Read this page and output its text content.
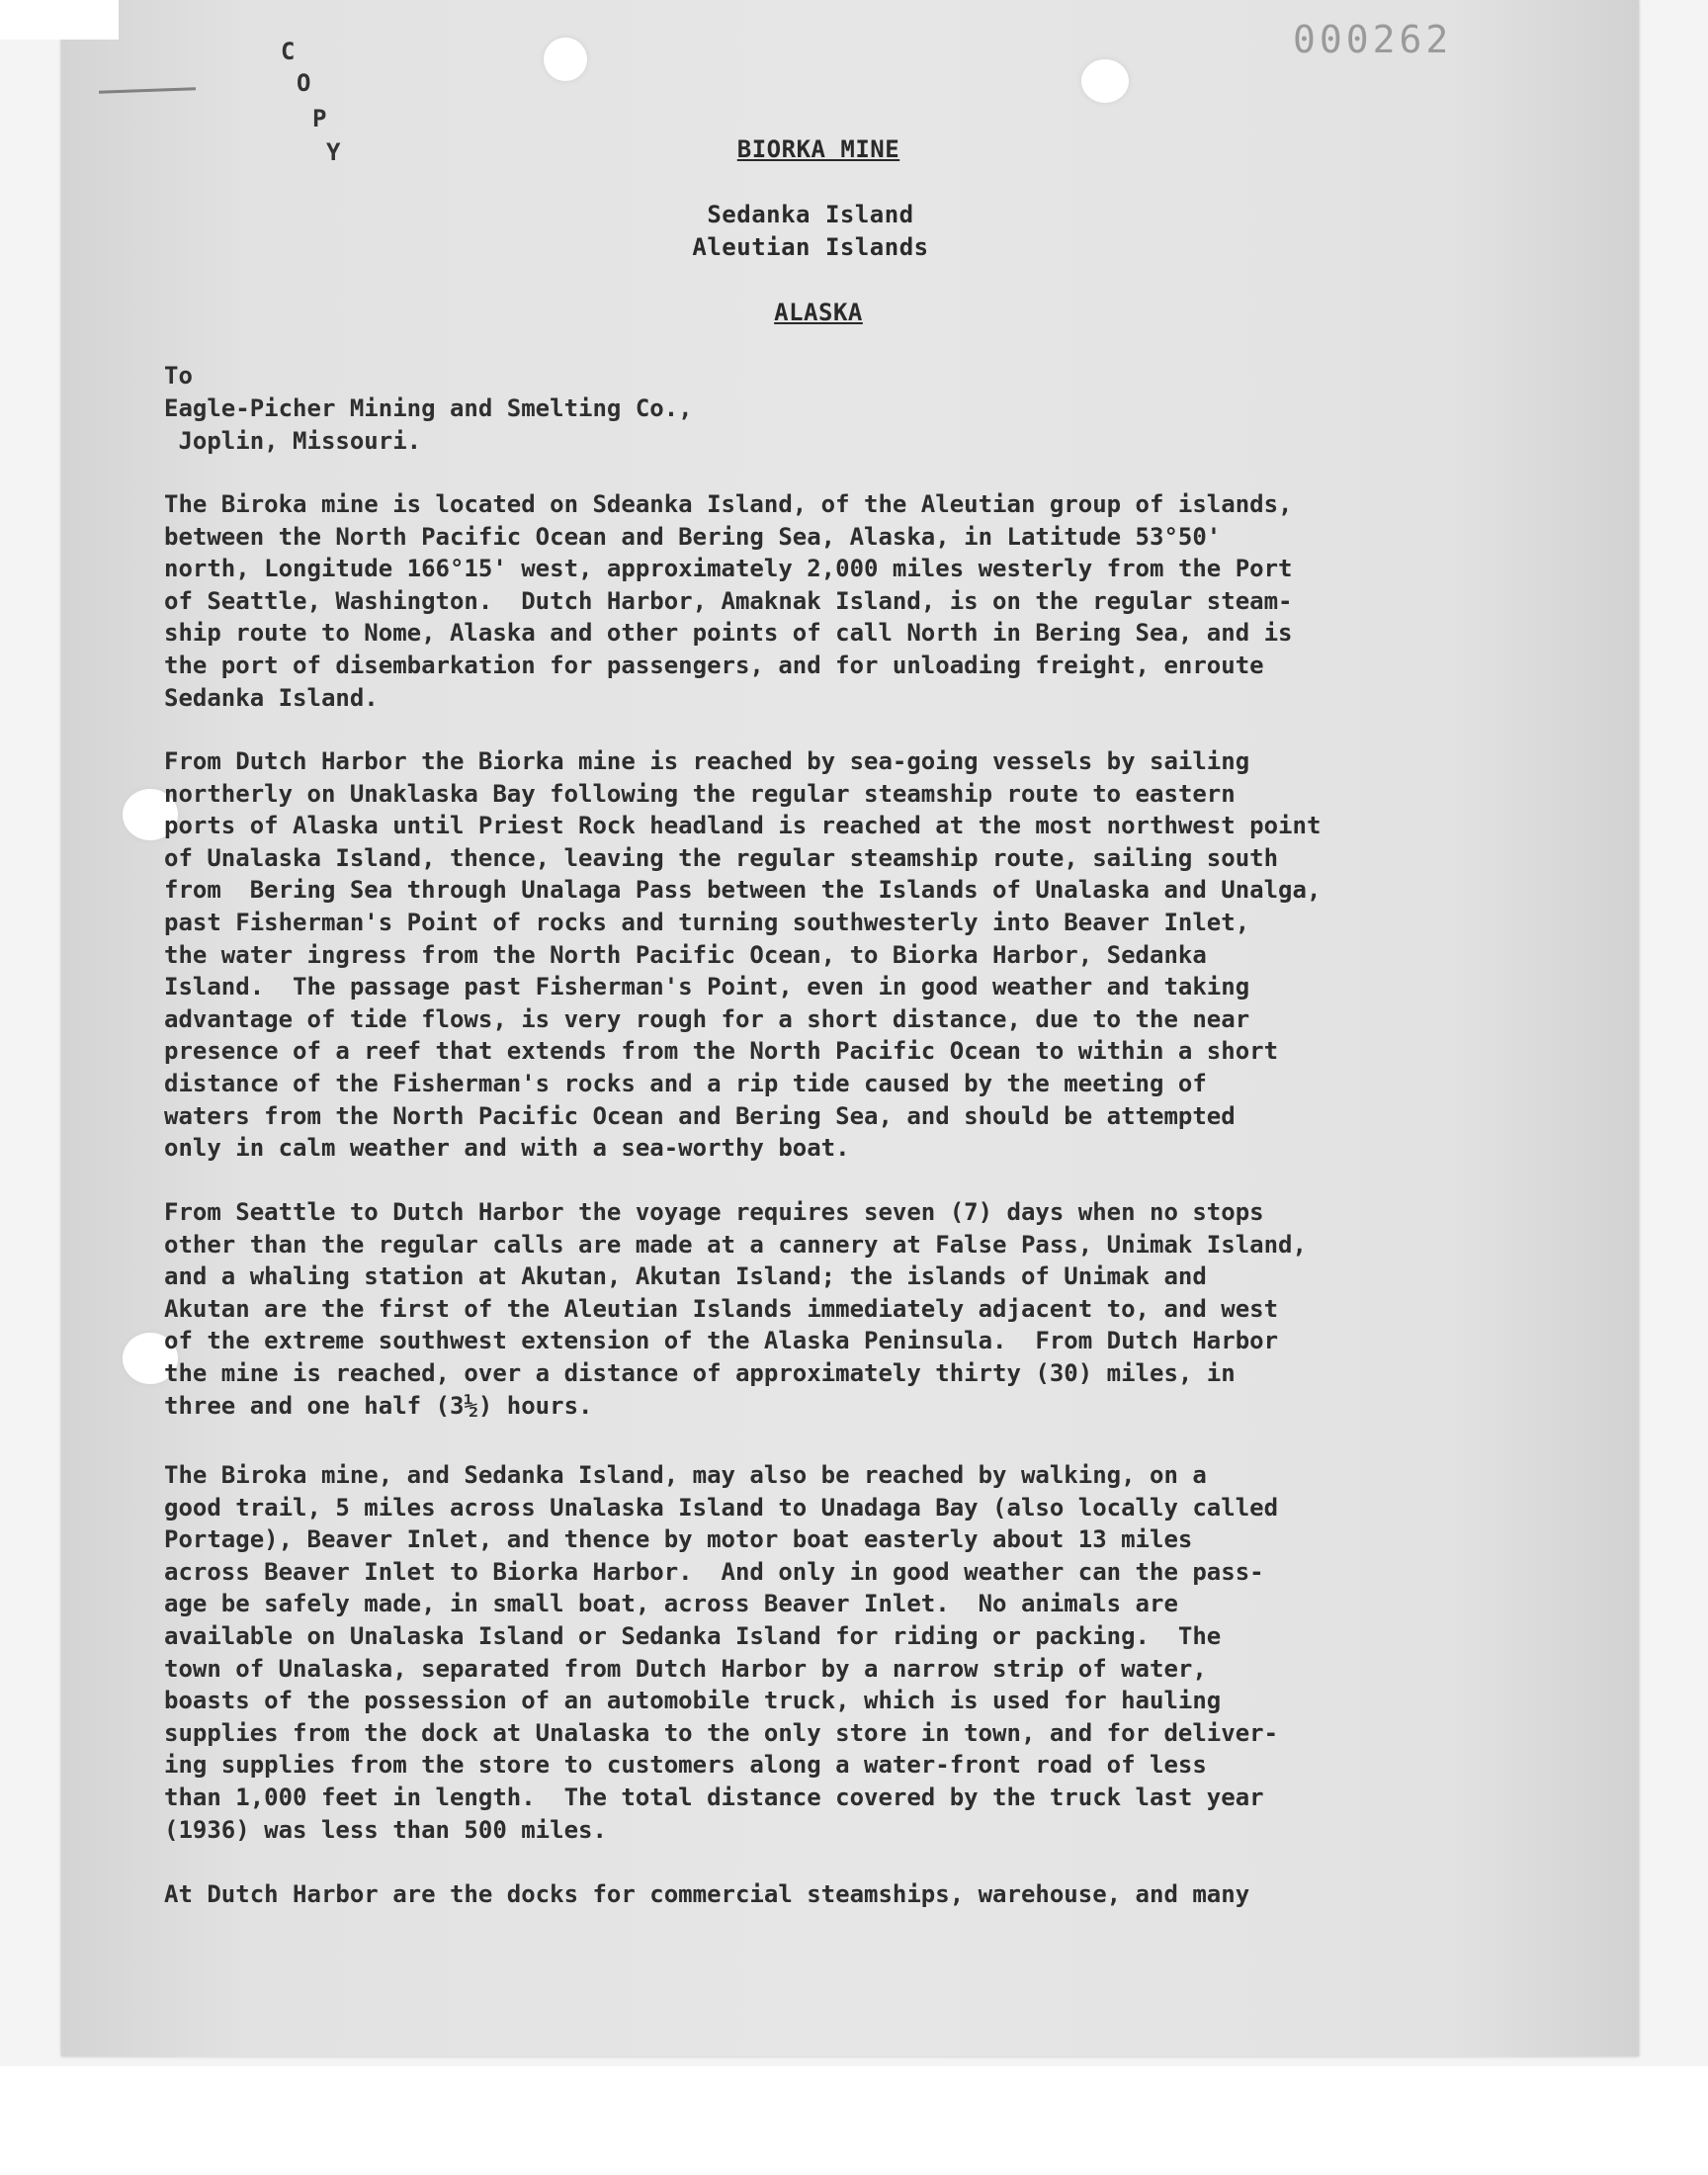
000262
C
O
P
Y	BIORKA MINE
Sedanka Island
Aleutian Islands
ALASKA
To
Eagle-Picher Mining and Smelting Co.,
Joplin, Missouri.
The Biroka mine is located on Sdeanka Island, of the Aleutian group of islands,
between the North Pacific Ocean and Bering Sea, Alaska, in Latitude 53°50'
north, Longitude 166°15' west, approximately 2,000 miles westerly from the Port
of Seattle, Washington.  Dutch Harbor, Amaknak Island, is on the regular steam-
ship route to Nome, Alaska and other points of call North in Bering Sea, and is
the port of disembarkation for passengers, and for unloading freight, enroute
Sedanka Island.
From Dutch Harbor the Biorka mine is reached by sea-going vessels by sailing
northerly on Unaklaska Bay following the regular steamship route to eastern
ports of Alaska until Priest Rock headland is reached at the most northwest point
of Unalaska Island, thence, leaving the regular steamship route, sailing south
from  Bering Sea through Unalaga Pass between the Islands of Unalaska and Unalga,
past Fisherman's Point of rocks and turning southwesterly into Beaver Inlet,
the water ingress from the North Pacific Ocean, to Biorka Harbor, Sedanka
Island.  The passage past Fisherman's Point, even in good weather and taking
advantage of tide flows, is very rough for a short distance, due to the near
presence of a reef that extends from the North Pacific Ocean to within a short
distance of the Fisherman's rocks and a rip tide caused by the meeting of
waters from the North Pacific Ocean and Bering Sea, and should be attempted
only in calm weather and with a sea-worthy boat.
From Seattle to Dutch Harbor the voyage requires seven (7) days when no stops
other than the regular calls are made at a cannery at False Pass, Unimak Island,
and a whaling station at Akutan, Akutan Island; the islands of Unimak and
Akutan are the first of the Aleutian Islands immediately adjacent to, and west
of the extreme southwest extension of the Alaska Peninsula.  From Dutch Harbor
the mine is reached, over a distance of approximately thirty (30) miles, in
three and one half (3½) hours.
The Biroka mine, and Sedanka Island, may also be reached by walking, on a
good trail, 5 miles across Unalaska Island to Unadaga Bay (also locally called
Portage), Beaver Inlet, and thence by motor boat easterly about 13 miles
across Beaver Inlet to Biorka Harbor.  And only in good weather can the pass-
age be safely made, in small boat, across Beaver Inlet.  No animals are
available on Unalaska Island or Sedanka Island for riding or packing.  The
town of Unalaska, separated from Dutch Harbor by a narrow strip of water,
boasts of the possession of an automobile truck, which is used for hauling
supplies from the dock at Unalaska to the only store in town, and for deliver-
ing supplies from the store to customers along a water-front road of less
than 1,000 feet in length.  The total distance covered by the truck last year
(1936) was less than 500 miles.
At Dutch Harbor are the docks for commercial steamships, warehouse, and many
